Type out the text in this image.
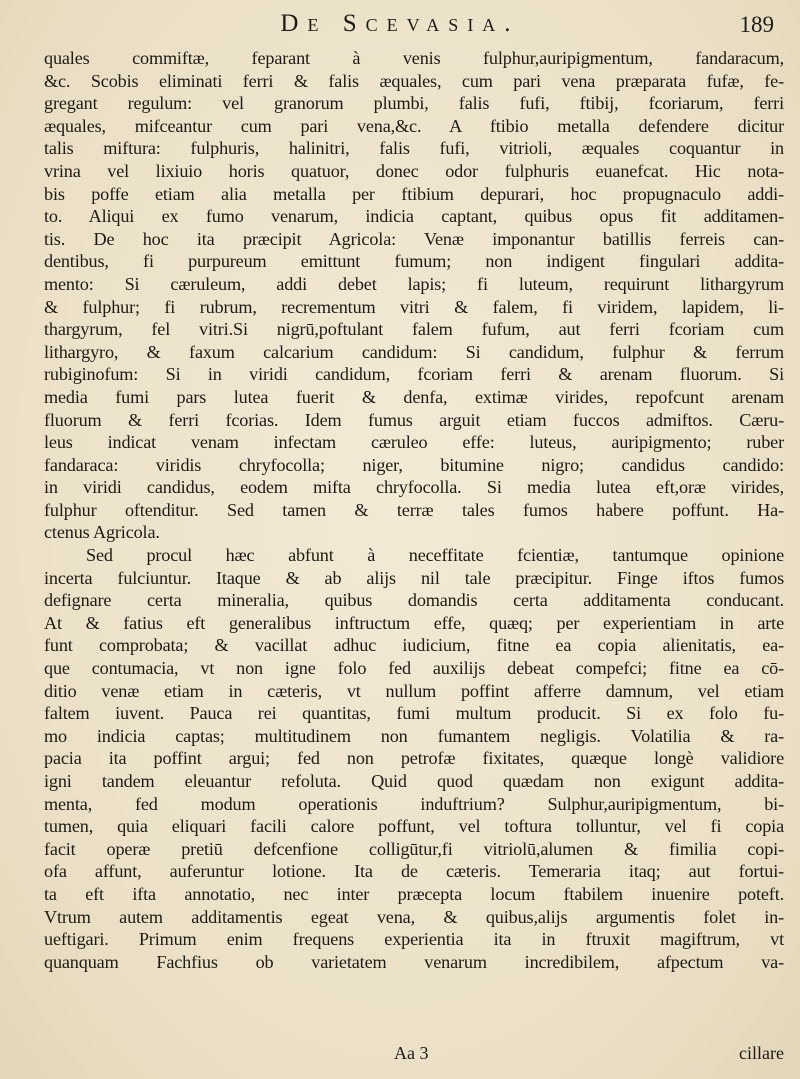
De Scevasia.	189
quales commiftæ, feparant à venis fulphur,auripigmentum, fandaracum,
&c. Scobis eliminati ferri & falis æquales, cum pari vena præparata fufæ, fe-
gregant regulum: vel granorum plumbi, falis fufi, ftibij, fcoriarum, ferri
æquales, mifceantur cum pari vena,&c. A ftibio metalla defendere dicitur
talis miftura: fulphuris, halinitri, falis fufi, vitrioli, æquales coquantur in
vrina vel lixiuio horis quatuor, donec odor fulphuris euanefcat. Hic nota-
bis poffe etiam alia metalla per ftibium depurari, hoc propugnaculo addi-
to. Aliqui ex fumo venarum, indicia captant, quibus opus fit additamen-
tis. De hoc ita præcipit Agricola: Venæ imponantur batillis ferreis can-
dentibus, fi purpureum emittunt fumum; non indigent fingulari addita-
mento: Si cæruleum, addi debet lapis; fi luteum, requirunt lithargyrum
& fulphur; fi rubrum, recrementum vitri & falem, fi viridem, lapidem, li-
thargyrum, fel vitri.Si nigrū,poftulant falem fufum, aut ferri fcoriam cum
lithargyro, & faxum calcarium candidum: Si candidum, fulphur & ferrum
rubiginofum: Si in viridi candidum, fcoriam ferri & arenam fluorum. Si
media fumi pars lutea fuerit & denfa, extimæ virides, repofcunt arenam
fluorum & ferri fcorias. Idem fumus arguit etiam fuccos admiftos. Cæru-
leus indicat venam infectam cæruleo effe: luteus, auripigmento; ruber
fandaraca: viridis chryfocolla; niger, bitumine nigro; candidus candido:
in viridi candidus, eodem mifta chryfocolla. Si media lutea eft,oræ virides,
fulphur oftenditur. Sed tamen & terræ tales fumos habere poffunt. Ha-
ctenus Agricola.
Sed procul hæc abfunt à neceffitate fcientiæ, tantumque opinione
incerta fulciuntur. Itaque & ab alijs nil tale præcipitur. Finge iftos fumos
defignare certa mineralia, quibus domandis certa additamenta conducant.
At & fatius eft generalibus inftructum effe, quæq; per experientiam in arte
funt comprobata; & vacillat adhuc iudicium, fitne ea copia alienitatis, ea-
que contumacia, vt non igne folo fed auxilijs debeat compefci; fitne ea cō-
ditio venæ etiam in cæteris, vt nullum poffint afferre damnum, vel etiam
faltem iuvent. Pauca rei quantitas, fumi multum producit. Si ex folo fu-
mo indicia captas; multitudinem non fumantem negligis. Volatilia & ra-
pacia ita poffint argui; fed non petrofæ fixitates, quæque longè validiore
igni tandem eleuantur refoluta. Quid quod quædam non exigunt addita-
menta, fed modum operationis induftrium? Sulphur,auripigmentum, bi-
tumen, quia eliquari facili calore poffunt, vel toftura tolluntur, vel fi copia
facit operæ pretiū defcenfione colligūtur,fi vitriolū,alumen & fimilia copi-
ofa affunt, auferuntur lotione. Ita de cæteris. Temeraria itaq; aut fortui-
ta eft ifta annotatio, nec inter præcepta locum ftabilem inuenire poteft.
Vtrum autem additamentis egeat vena, & quibus,alijs argumentis folet in-
ueftigari. Primum enim frequens experientia ita in ftruxit magiftrum, vt
quanquam Fachfius ob varietatem venarum incredibilem, afpectum va-
Aa 3	cillare
